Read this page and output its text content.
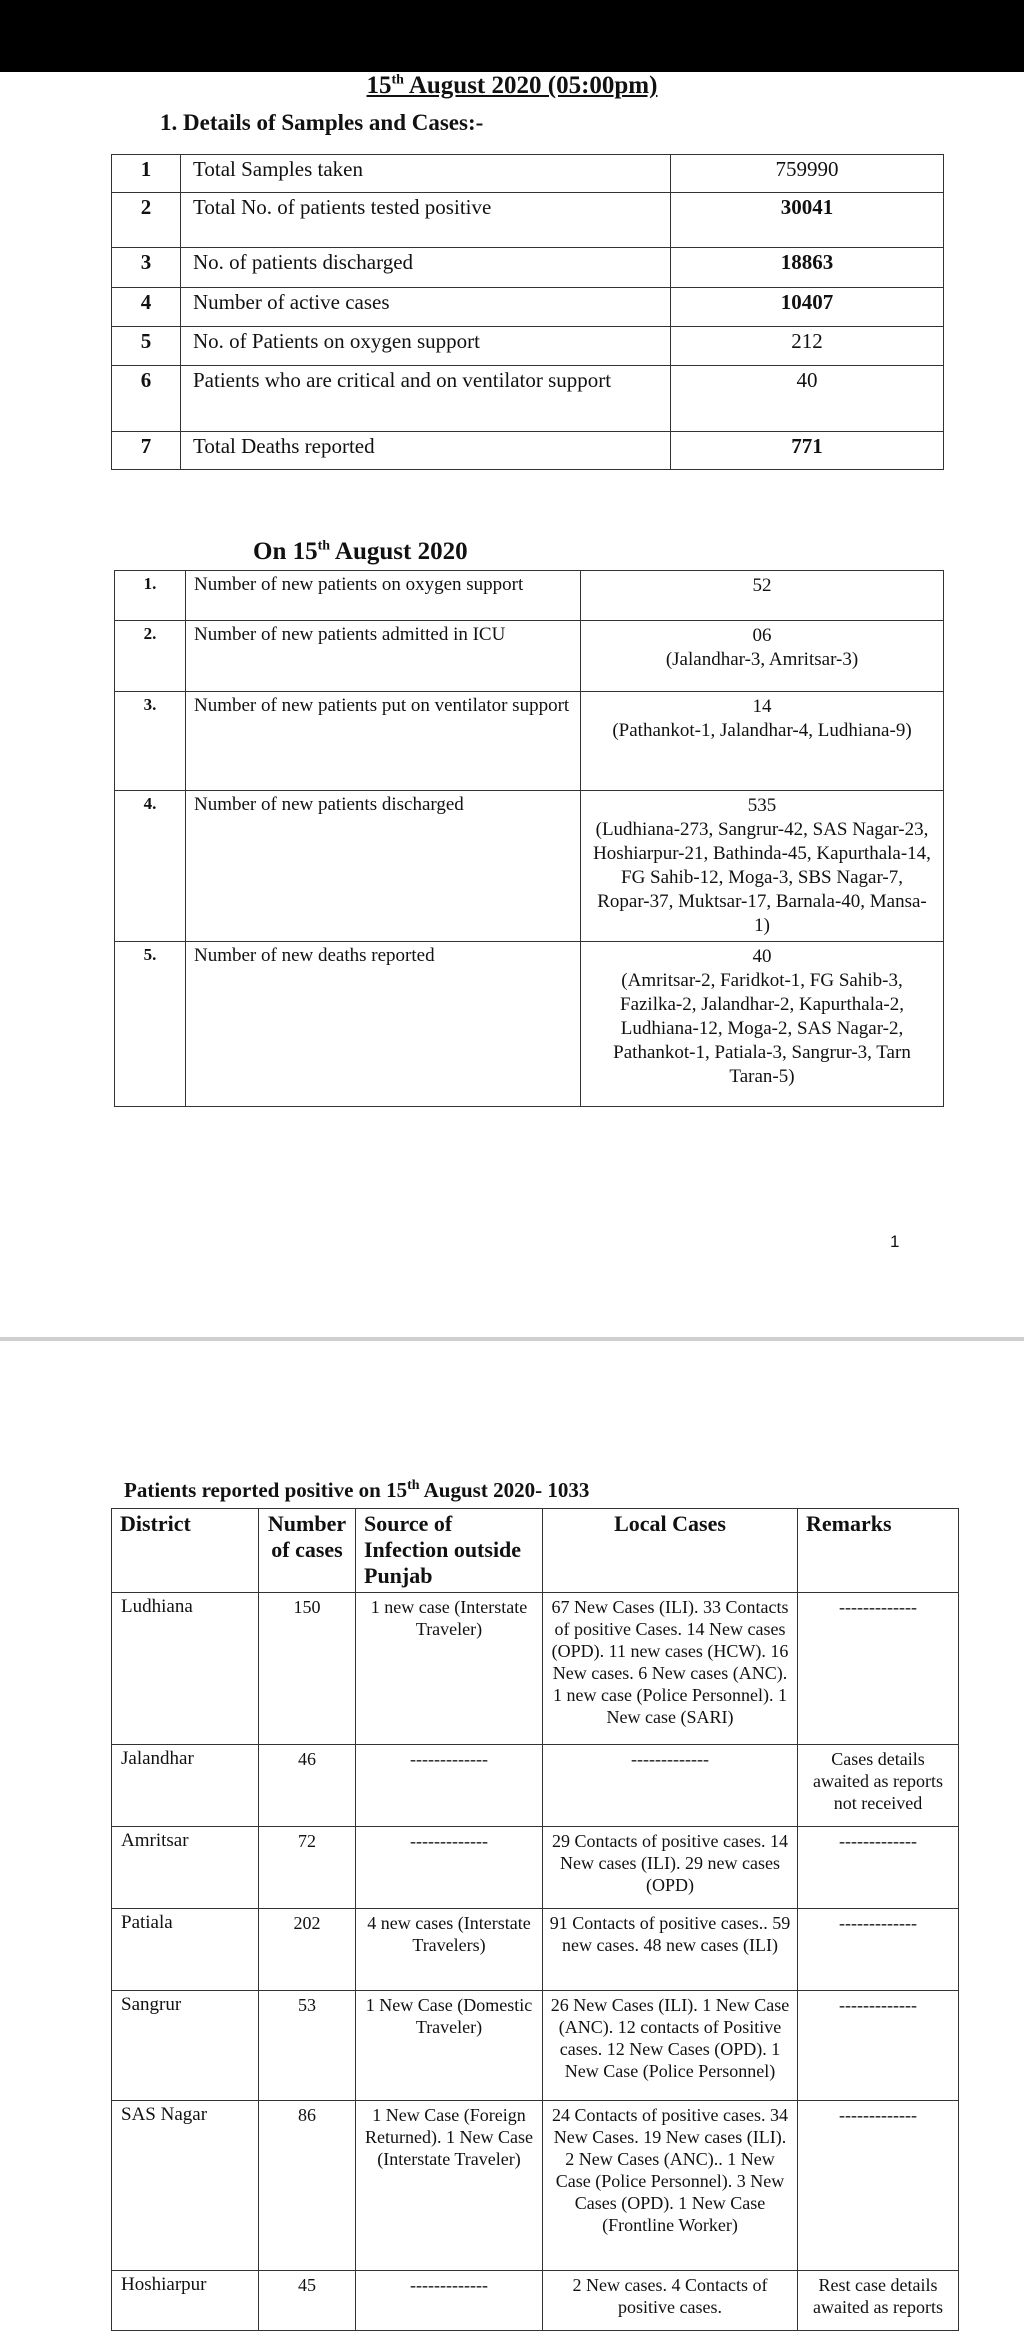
15th August 2020 (05:00pm)
1. Details of Samples and Cases:-
1	Total Samples taken	759990
2	Total No. of patients tested positive	30041
3	No. of patients discharged	18863
4	Number of active cases	10407
5	No. of Patients on oxygen support	212
6	Patients who are critical and on ventilator support	40
7	Total Deaths reported	771
On 15th August 2020
1.	Number of new patients on oxygen support	52

2.	Number of new patients admitted in ICU	06
(Jalandhar-3, Amritsar-3)

3.	Number of new patients put on ventilator support	14
(Pathankot-1, Jalandhar-4, Ludhiana-9)

4.	Number of new patients discharged	535
(Ludhiana-273, Sangrur-42, SAS Nagar-23, Hoshiarpur-21, Bathinda-45, Kapurthala-14, FG Sahib-12, Moga-3, SBS Nagar-7, Ropar-37, Muktsar-17, Barnala-40, Mansa-1)

5.	Number of new deaths reported	40
(Amritsar-2, Faridkot-1, FG Sahib-3, Fazilka-2, Jalandhar-2, Kapurthala-2, Ludhiana-12, Moga-2, SAS Nagar-2, Pathankot-1, Patiala-3, Sangrur-3, Tarn Taran-5)
1
Patients reported positive on 15th August 2020- 1033
District	Number of cases	Source of Infection outside Punjab	Local Cases	Remarks
Ludhiana	150	1 new case (Interstate Traveler)	67 New Cases (ILI). 33 Contacts of positive Cases. 14 New cases (OPD). 11 new cases (HCW). 16 New cases. 6 New cases (ANC). 1 new case (Police Personnel). 1 New case (SARI)	-------------
Jalandhar	46	-------------	-------------	Cases details awaited as reports not received
Amritsar	72	-------------	29 Contacts of positive cases. 14 New cases (ILI). 29 new cases (OPD)	-------------
Patiala	202	4 new cases (Interstate Travelers)	91 Contacts of positive cases.. 59 new cases. 48 new cases (ILI)	-------------
Sangrur	53	1 New Case (Domestic Traveler)	26 New Cases (ILI). 1 New Case (ANC). 12 contacts of Positive cases. 12 New Cases (OPD). 1 New Case (Police Personnel)	-------------
SAS Nagar	86	1 New Case (Foreign Returned). 1 New Case (Interstate Traveler)	24 Contacts of positive cases. 34 New Cases. 19 New cases (ILI). 2 New Cases (ANC).. 1 New Case (Police Personnel). 3 New Cases (OPD). 1 New Case (Frontline Worker)	-------------
Hoshiarpur	45	-------------	2 New cases. 4 Contacts of positive cases.	Rest case details awaited as reports
